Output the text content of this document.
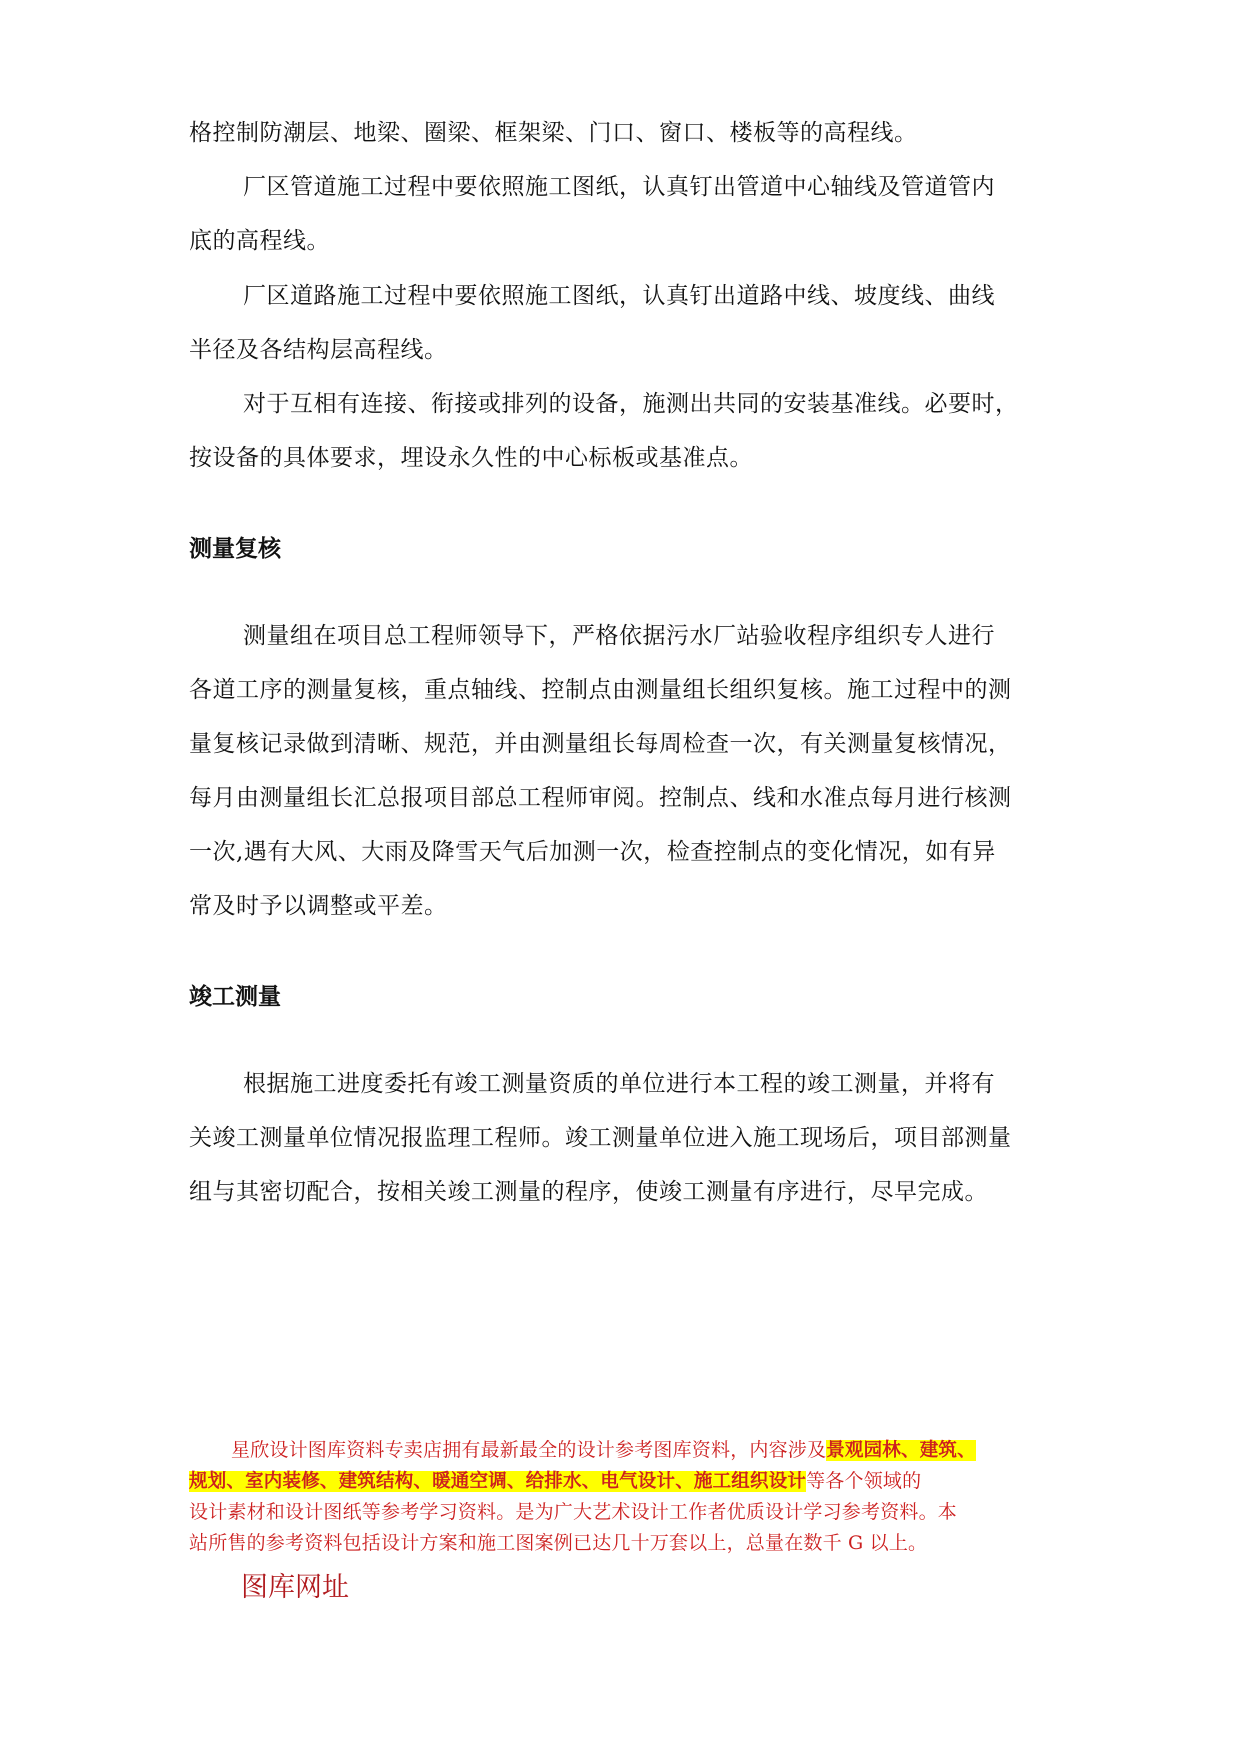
格控制防潮层、地梁、圈梁、框架梁、门口、窗口、楼板等的高程线。
厂区管道施工过程中要依照施工图纸，认真钉出管道中心轴线及管道管内
底的高程线。
厂区道路施工过程中要依照施工图纸，认真钉出道路中线、坡度线、曲线
半径及各结构层高程线。
对于互相有连接、衔接或排列的设备，施测出共同的安装基准线。必要时，
按设备的具体要求，埋设永久性的中心标板或基准点。
测量复核
测量组在项目总工程师领导下，严格依据污水厂站验收程序组织专人进行
各道工序的测量复核，重点轴线、控制点由测量组长组织复核。施工过程中的测
量复核记录做到清晰、规范，并由测量组长每周检查一次，有关测量复核情况，
每月由测量组长汇总报项目部总工程师审阅。控制点、线和水准点每月进行核测
一次,遇有大风、大雨及降雪天气后加测一次，检查控制点的变化情况，如有异
常及时予以调整或平差。
竣工测量
根据施工进度委托有竣工测量资质的单位进行本工程的竣工测量，并将有
关竣工测量单位情况报监理工程师。竣工测量单位进入施工现场后，项目部测量
组与其密切配合，按相关竣工测量的程序，使竣工测量有序进行，尽早完成。
星欣设计图库资料专卖店拥有最新最全的设计参考图库资料，内容涉及景观园林、建筑、
规划、室内装修、建筑结构、暖通空调、给排水、电气设计、施工组织设计等各个领域的
设计素材和设计图纸等参考学习资料。是为广大艺术设计工作者优质设计学习参考资料。本
站所售的参考资料包括设计方案和施工图案例已达几十万套以上，总量在数千 G 以上。
图库网址
